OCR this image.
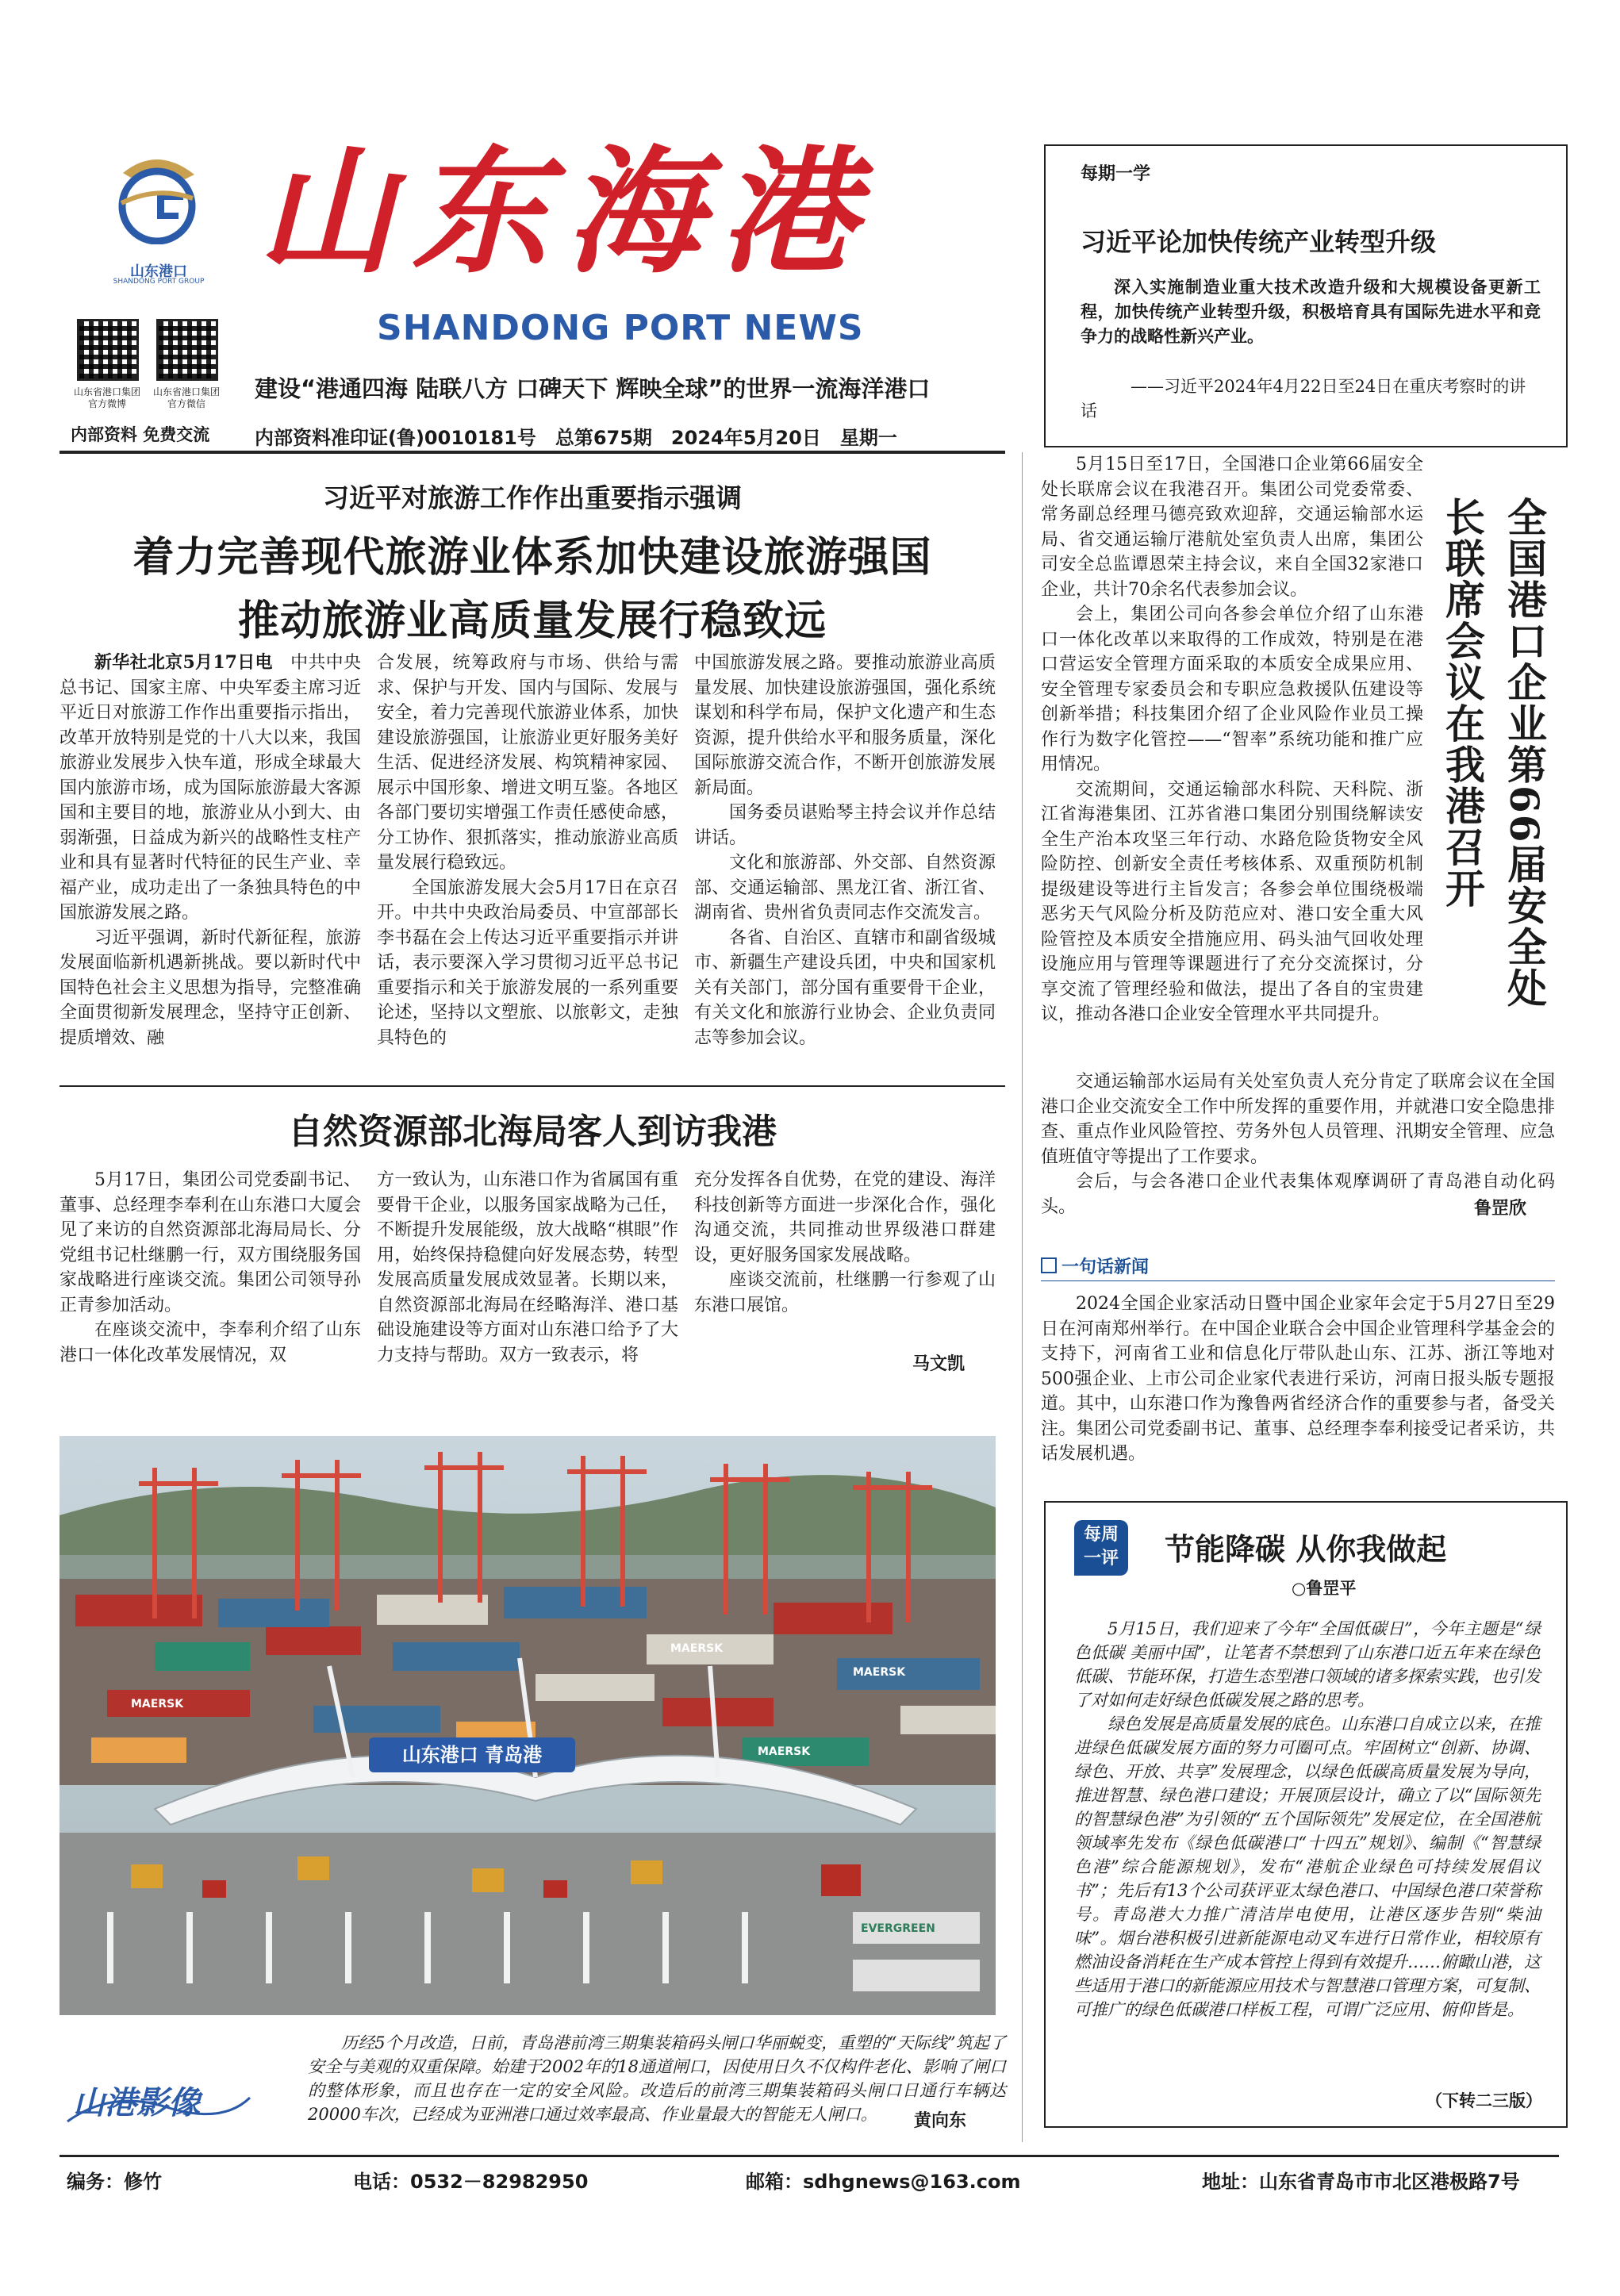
山东港口
SHANDONG PORT GROUP 山东海港
SHANDONG PORT NEWS
山东省港口集团官方微博
山东省港口集团官方微信
内部资料 免费交流
建设“港通四海 陆联八方 口碑天下 辉映全球”的世界一流海洋港口
内部资料准印证(鲁)0010181号　总第675期　2024年5月20日　星期一
每期一学
习近平论加快传统产业转型升级

深入实施制造业重大技术改造升级和大规模设备更新工程，加快传统产业转型升级，积极培育具有国际先进水平和竞争力的战略性新兴产业。

——习近平2024年4月22日至24日在重庆考察时的讲话
习近平对旅游工作作出重要指示强调
着力完善现代旅游业体系加快建设旅游强国
推动旅游业高质量发展行稳致远

新华社北京5月17日电　 中共中央总书记、国家主席、中央军委主席习近平近日对旅游工作作出重要指示指出，改革开放特别是党的十八大以来，我国旅游业发展步入快车道，形成全球最大国内旅游市场，成为国际旅游最大客源国和主要目的地，旅游业从小到大、由弱渐强，日益成为新兴的战略性支柱产业和具有显著时代特征的民生产业、幸福产业，成功走出了一条独具特色的中国旅游发展之路。

习近平强调，新时代新征程，旅游发展面临新机遇新挑战。要以新时代中国特色社会主义思想为指导，完整准确全面贯彻新发展理念，坚持守正创新、提质增效、融

合发展，统筹政府与市场、供给与需求、保护与开发、国内与国际、发展与安全，着力完善现代旅游业体系，加快建设旅游强国，让旅游业更好服务美好生活、促进经济发展、构筑精神家园、展示中国形象、增进文明互鉴。各地区各部门要切实增强工作责任感使命感，分工协作、狠抓落实，推动旅游业高质量发展行稳致远。

全国旅游发展大会5月17日在京召开。中共中央政治局委员、中宣部部长李书磊在会上传达习近平重要指示并讲话，表示要深入学习贯彻习近平总书记重要指示和关于旅游发展的一系列重要论述，坚持以文塑旅、以旅彰文，走独具特色的

中国旅游发展之路。要推动旅游业高质量发展、加快建设旅游强国，强化系统谋划和科学布局，保护文化遗产和生态资源，提升供给水平和服务质量，深化国际旅游交流合作，不断开创旅游发展新局面。

国务委员谌贻琴主持会议并作总结讲话。

文化和旅游部、外交部、自然资源部、交通运输部、黑龙江省、浙江省、湖南省、贵州省负责同志作交流发言。

各省、自治区、直辖市和副省级城市、新疆生产建设兵团，中央和国家机关有关部门，部分国有重要骨干企业，有关文化和旅游行业协会、企业负责同志等参加会议。

自然资源部北海局客人到访我港

5月17日，集团公司党委副书记、董事、总经理李奉利在山东港口大厦会见了来访的自然资源部北海局局长、分党组书记杜继鹏一行，双方围绕服务国家战略进行座谈交流。集团公司领导孙正青参加活动。

在座谈交流中，李奉利介绍了山东港口一体化改革发展情况，双

方一致认为，山东港口作为省属国有重要骨干企业，以服务国家战略为己任，不断提升发展能级，放大战略“棋眼”作用，始终保持稳健向好发展态势，转型发展高质量发展成效显著。长期以来，自然资源部北海局在经略海洋、港口基础设施建设等方面对山东港口给予了大力支持与帮助。双方一致表示，将

充分发挥各自优势，在党的建设、海洋科技创新等方面进一步深化合作，强化沟通交流，共同推动世界级港口群建设，更好服务国家发展战略。

座谈交流前，杜继鹏一行参观了山东港口展馆。

马文凯
山东港口 青岛港
MAERSK
MAERSK
MAERSK
MAERSK
EVERGREEN
山港影像

历经5个月改造，日前，青岛港前湾三期集装箱码头闸口华丽蜕变，重塑的“天际线”筑起了安全与美观的双重保障。始建于2002年的18通道闸口，因使用日久不仅构件老化、影响了闸口的整体形象，而且也存在一定的安全风险。改造后的前湾三期集装箱码头闸口日通行车辆达20000车次，已经成为亚洲港口通过效率最高、作业量最大的智能无人闸口。	黄向东
全国港口企业第66届安全处长联席会议在我港召开

5月15日至17日，全国港口企业第66届安全处长联席会议在我港召开。集团公司党委常委、常务副总经理马德亮致欢迎辞，交通运输部水运局、省交通运输厅港航处室负责人出席，集团公司安全总监谭恩荣主持会议，来自全国32家港口企业，共计70余名代表参加会议。

会上，集团公司向各参会单位介绍了山东港口一体化改革以来取得的工作成效，特别是在港口营运安全管理方面采取的本质安全成果应用、安全管理专家委员会和专职应急救援队伍建设等创新举措；科技集团介绍了企业风险作业员工操作行为数字化管控——“智率”系统功能和推广应用情况。

交流期间，交通运输部水科院、天科院、浙江省海港集团、江苏省港口集团分别围绕解读安全生产治本攻坚三年行动、水路危险货物安全风险防控、创新安全责任考核体系、双重预防机制提级建设等进行主旨发言；各参会单位围绕极端恶劣天气风险分析及防范应对、港口安全重大风险管控及本质安全措施应用、码头油气回收处理设施应用与管理等课题进行了充分交流探讨，分享交流了管理经验和做法，提出了各自的宝贵建议，推动各港口企业安全管理水平共同提升。

交通运输部水运局有关处室负责人充分肯定了联席会议在全国港口企业交流安全工作中所发挥的重要作用，并就港口安全隐患排查、重点作业风险管控、劳务外包人员管理、汛期安全管理、应急值班值守等提出了工作要求。

会后，与会各港口企业代表集体观摩调研了青岛港自动化码头。	鲁罡欣
一句话新闻

2024全国企业家活动日暨中国企业家年会定于5月27日至29日在河南郑州举行。在中国企业联合会中国企业管理科学基金会的支持下，河南省工业和信息化厅带队赴山东、江苏、浙江等地对500强企业、上市公司企业家代表进行采访，河南日报头版专题报道。其中，山东港口作为豫鲁两省经济合作的重要参与者，备受关注。集团公司党委副书记、董事、总经理李奉利接受记者采访，共话发展机遇。

每周
一评	节能降碳 从你我做起
○鲁罡平

5月15日，我们迎来了今年“全国低碳日”，今年主题是“绿色低碳 美丽中国”，让笔者不禁想到了山东港口近五年来在绿色低碳、节能环保，打造生态型港口领域的诸多探索实践，也引发了对如何走好绿色低碳发展之路的思考。

绿色发展是高质量发展的底色。山东港口自成立以来，在推进绿色低碳发展方面的努力可圈可点。牢固树立“创新、协调、绿色、开放、共享”发展理念，以绿色低碳高质量发展为导向，推进智慧、绿色港口建设；开展顶层设计，确立了以“国际领先的智慧绿色港”为引领的“五个国际领先”发展定位，在全国港航领域率先发布《绿色低碳港口“十四五”规划》、编制《“智慧绿色港”综合能源规划》，发布“港航企业绿色可持续发展倡议书”；先后有13个公司获评亚太绿色港口、中国绿色港口荣誉称号。青岛港大力推广清洁岸电使用，让港区逐步告别“柴油味”。烟台港积极引进新能源电动叉车进行日常作业，相较原有燃油设备消耗在生产成本管控上得到有效提升……俯瞰山港，这些适用于港口的新能源应用技术与智慧港口管理方案，可复制、可推广的绿色低碳港口样板工程，可谓广泛应用、俯仰皆是。

（下转二三版）
编务：修竹	电话：0532－82982950	邮箱：sdhgnews@163.com	地址：山东省青岛市市北区港极路7号
